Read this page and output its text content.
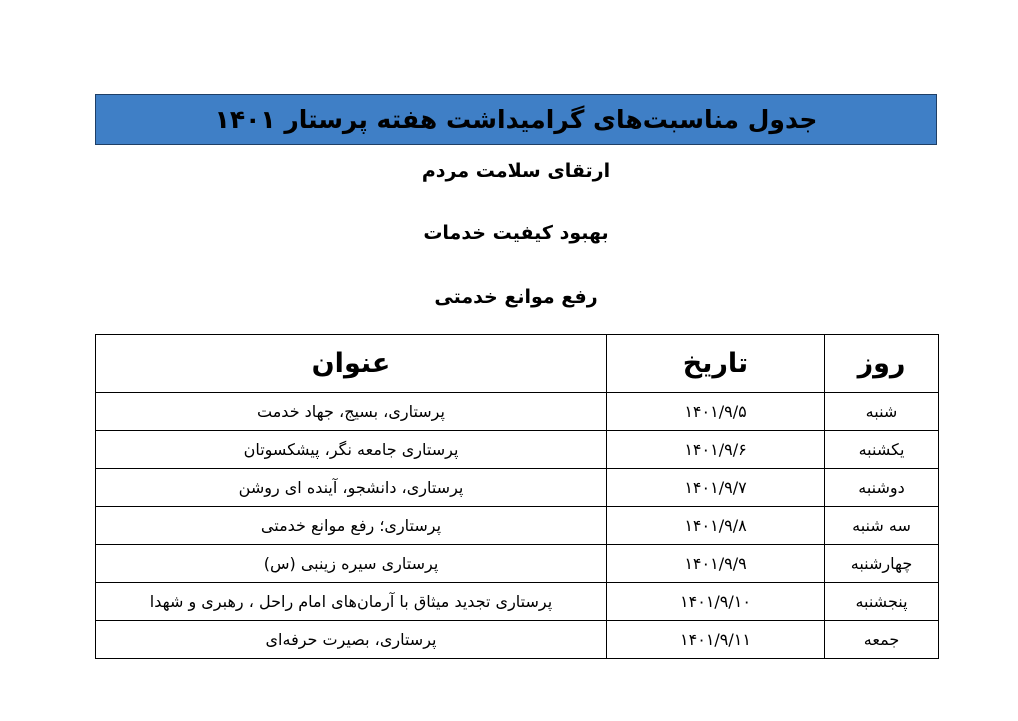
جدول مناسبت‌های گرامیداشت هفته پرستار ۱۴۰۱
ارتقای سلامت مردم
بهبود کیفیت خدمات
رفع موانع خدمتی
روز	تاریخ	عنوان
شنبه	۱۴۰۱/۹/۵	پرستاری، بسیج، جهاد خدمت
یکشنبه	۱۴۰۱/۹/۶	پرستاری جامعه نگر، پیشکسوتان
دوشنبه	۱۴۰۱/۹/۷	پرستاری، دانشجو، آینده ای روشن
سه شنبه	۱۴۰۱/۹/۸	پرستاری؛ رفع موانع خدمتی
چهارشنبه	۱۴۰۱/۹/۹	پرستاری سیره زینبی (س)
پنجشنبه	۱۴۰۱/۹/۱۰	پرستاری تجدید میثاق با آرمان‌های امام راحل ، رهبری و شهدا
جمعه	۱۴۰۱/۹/۱۱	پرستاری، بصیرت حرفه‌ای
